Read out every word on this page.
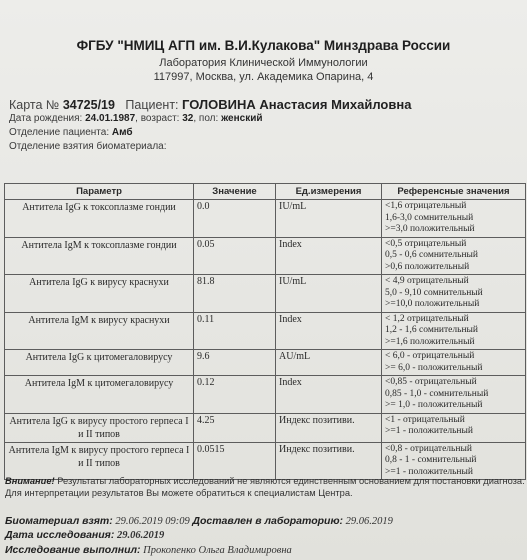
ФГБУ "НМИЦ АГП им. В.И.Кулакова" Минздрава России
Лаборатория Клинической Иммунологии
117997, Москва, ул. Академика Опарина, 4
Карта № 34725/19 Пациент: ГОЛОВИНА Анастасия Михайловна
Дата рождения: 24.01.1987, возраст: 32, пол: женский
Отделение пациента: Амб
Отделение взятия биоматериала:
Параметр	Значение	Ед.измерения	Референсные значения
Антитела IgG к токсоплазме гондии	0.0	IU/mL	<1,6 отрицательный
1,6-3,0 сомнительный
>=3,0 положительный

Антитела IgM к токсоплазме гондии	0.05	Index	<0,5 отрицательный
0,5 - 0,6 сомнительный
>0,6 положительный

Антитела IgG к вирусу краснухи	81.8	IU/mL	< 4,9 отрицательный
5,0 - 9,10 сомнительный
>=10,0 положительный

Антитела IgM к вирусу краснухи	0.11	Index	< 1,2 отрицательный
1,2 - 1,6 сомнительный
>=1,6 положительный

Антитела IgG к цитомегаловирусу	9.6	AU/mL	< 6,0 - отрицательный
>= 6,0 - положительный

Антитела IgM к цитомегаловирусу	0.12	Index	<0,85 - отрицательный
0,85 - 1,0 - сомнительный
>= 1,0 - положительный

Антитела IgG к вирусу простого герпеса I и II типов	4.25	Индекс позитиви.	<1 - отрицательный
>=1 - положительный

Антитела IgM к вирусу простого герпеса I и II типов	0.0515	Индекс позитиви.	<0,8 - отрицательный
0,8 - 1 - сомнительный
>=1 - положительный
Внимание! Результаты лабораторных исследований не являются единственным основанием для постановки диагноза. Для интерпретации результатов Вы можете обратиться к специалистам Центра.
Биоматериал взят: 29.06.2019 09:09 Доставлен в лабораторию: 29.06.2019
Дата исследования: 29.06.2019
Исследование выполнил: Прокопенко Ольга Владимировна
